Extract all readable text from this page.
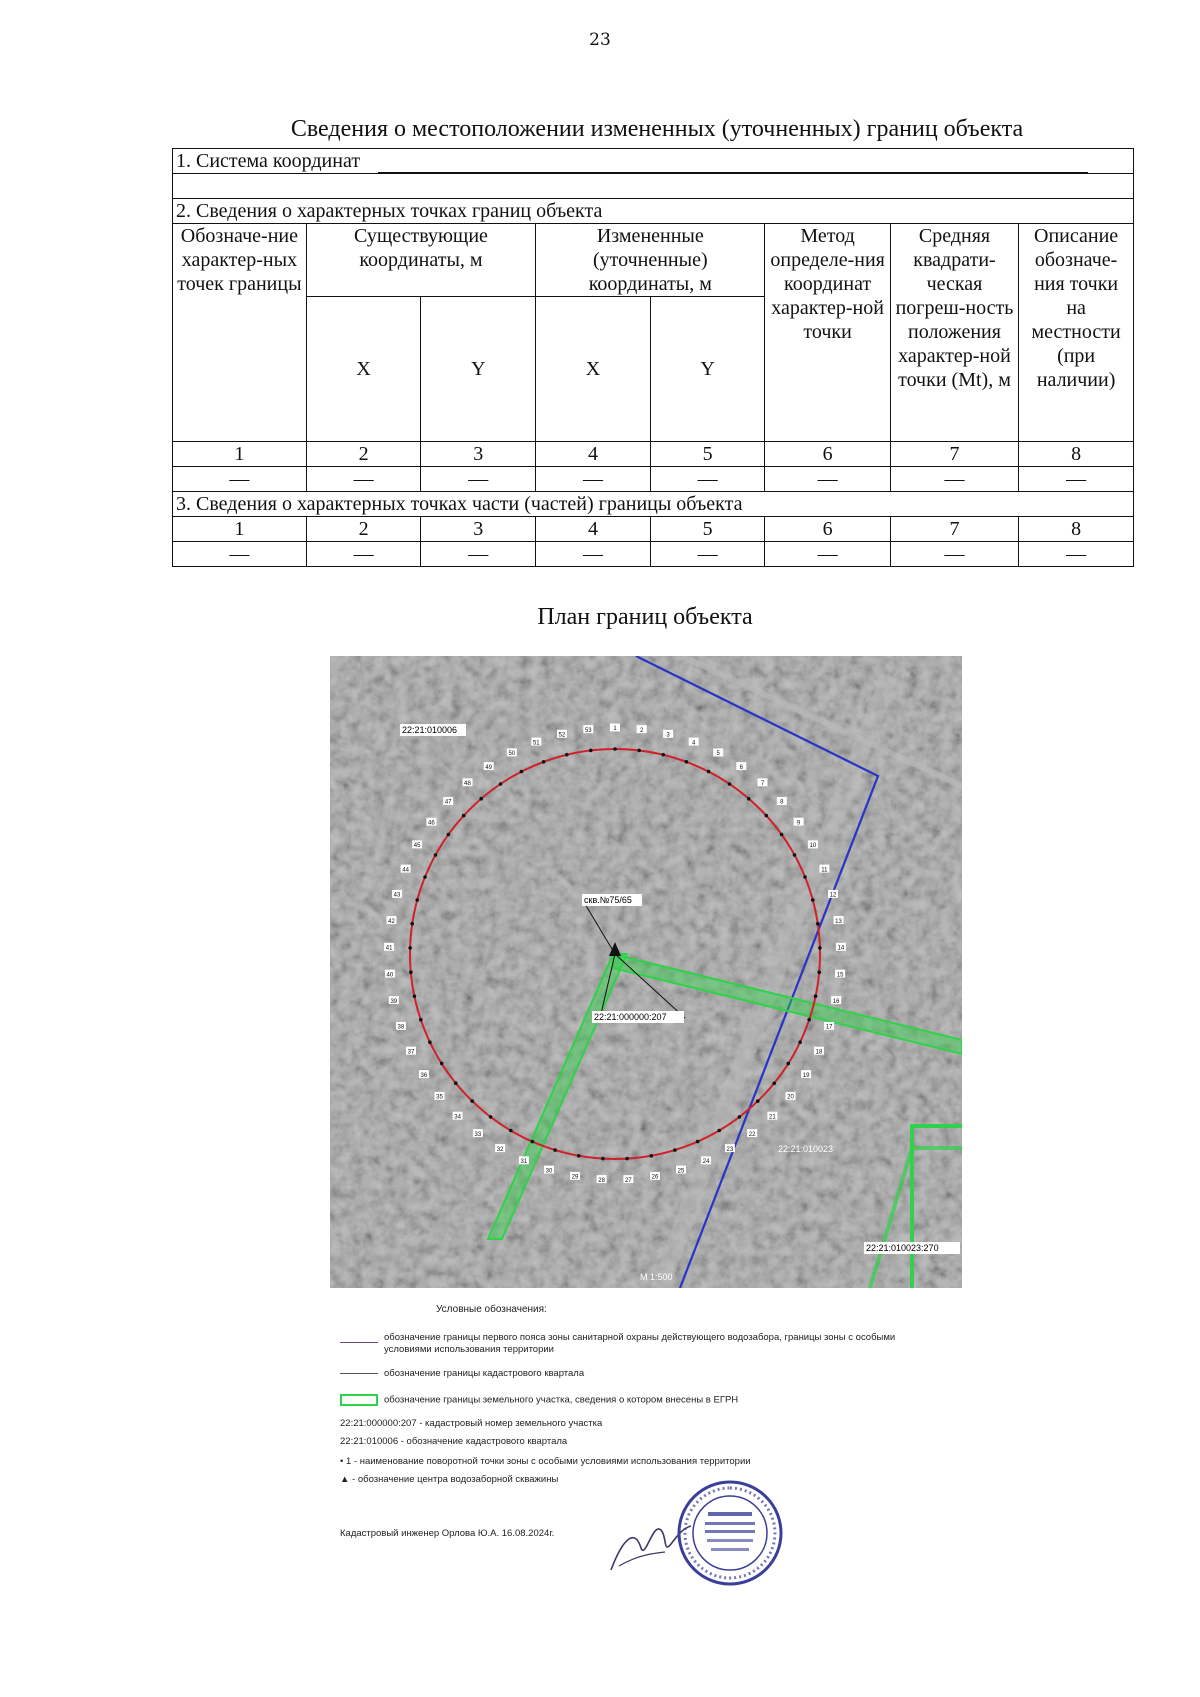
23
Сведения о местоположении измененных (уточненных) границ объекта
1. Система координат							

2. Сведения о характерных точках границ объекта							
Обозначе-ние характер-ных точек границы	Существующие координаты, м		Измененные (уточненные) координаты, м		Метод определе-ния координат характер-ной точки	Средняя квадрати-ческая погреш-ность положения характер-ной точки (Mt), м	Описание обозначе-ния точки на местности (при наличии)
	X	Y	X	Y			
1	2	3	4	5	6	7	8
—	—	—	—	—	—	—	—
3. Сведения о характерных точках части (частей) границы объекта							
1	2	3	4	5	6	7	8
—	—	—	—	—	—	—	—
План границ объекта
1	2
3
4
5
6
7
8
9
10
11
12
13
14
15
16
17
18
19
20
21
22
23
24
25
26
27
28
29
30
31
32
33
34
35
36
37
38
39
40
41
42
43
44
45
46
47
48
49
50
51
52
53
22:21:010006
скв.№75/65
22:21:000000:207
22:21:010023
22:21:010023:270
М 1:500
Условные обозначения:
обозначение границы первого пояса зоны санитарной охраны действующего водозабора, границы зоны с особыми условиями использования территории
обозначение границы кадастрового квартала
обозначение границы земельного участка, сведения о котором внесены в ЕГРН
22:21:000000:207 - кадастровый номер земельного участка
22:21:010006 - обозначение кадастрового квартала
• 1 - наименование поворотной точки зоны с особыми условиями использования территории
▲ - обозначение центра водозаборной скважины
Кадастровый инженер Орлова Ю.А. 16.08.2024г.
